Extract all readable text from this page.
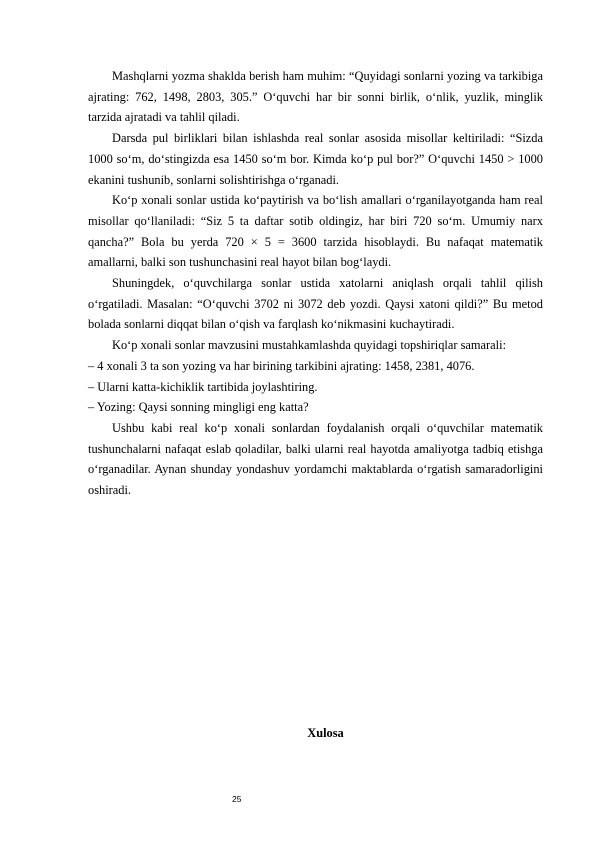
Mashqlarni yozma shaklda berish ham muhim: “Quyidagi sonlarni yozing va tarkibiga ajrating: 762, 1498, 2803, 305.” O‘quvchi har bir sonni birlik, o‘nlik, yuzlik, minglik tarzida ajratadi va tahlil qiladi.

Darsda pul birliklari bilan ishlashda real sonlar asosida misollar keltiriladi: “Sizda 1000 so‘m, do‘stingizda esa 1450 so‘m bor. Kimda ko‘p pul bor?” O‘quvchi 1450 > 1000 ekanini tushunib, sonlarni solishtirishga o‘rganadi.

Ko‘p xonali sonlar ustida ko‘paytirish va bo‘lish amallari o‘rganilayotganda ham real misollar qo‘llaniladi: “Siz 5 ta daftar sotib oldingiz, har biri 720 so‘m. Umumiy narx qancha?” Bola bu yerda 720 × 5 = 3600 tarzida hisoblaydi. Bu nafaqat matematik amallarni, balki son tushunchasini real hayot bilan bog‘laydi.

Shuningdek, o‘quvchilarga sonlar ustida xatolarni aniqlash orqali tahlil qilish o‘rgatiladi. Masalan: “O‘quvchi 3702 ni 3072 deb yozdi. Qaysi xatoni qildi?” Bu metod bolada sonlarni diqqat bilan o‘qish va farqlash ko‘nikmasini kuchaytiradi.

Ko‘p xonali sonlar mavzusini mustahkamlashda quyidagi topshiriqlar samarali:

– 4 xonali 3 ta son yozing va har birining tarkibini ajrating: 1458, 2381, 4076.

– Ularni katta-kichiklik tartibida joylashtiring.

– Yozing: Qaysi sonning mingligi eng katta?

Ushbu kabi real ko‘p xonali sonlardan foydalanish orqali o‘quvchilar matematik tushunchalarni nafaqat eslab qoladilar, balki ularni real hayotda amaliyotga tadbiq etishga o‘rganadilar. Aynan shunday yondashuv yordamchi maktablarda o‘rgatish samaradorligini oshiradi.

Xulosa
25
